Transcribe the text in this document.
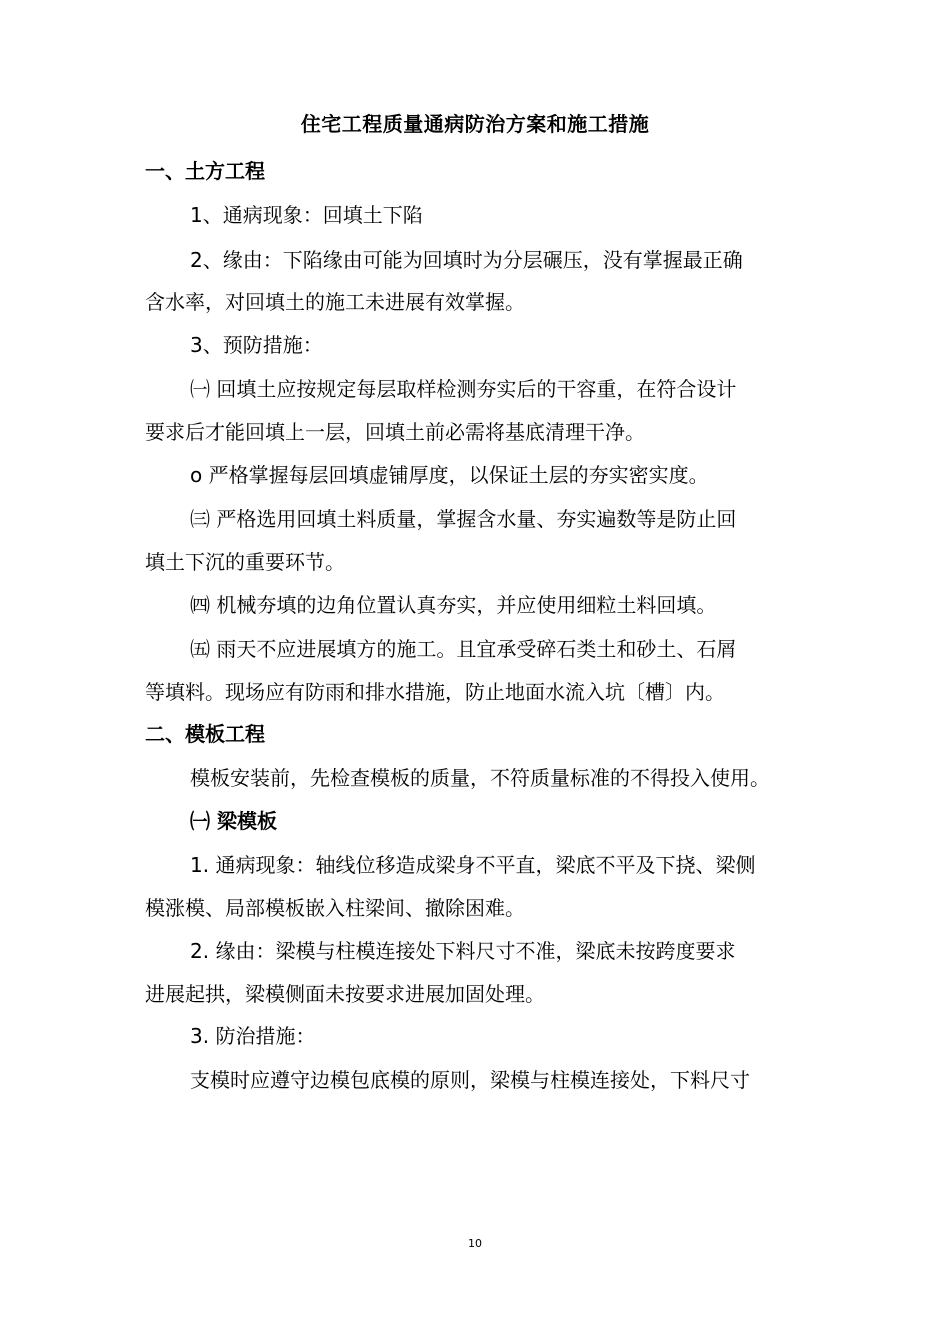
住宅工程质量通病防治方案和施工措施
一、土方工程
1、通病现象：回填土下陷
2、缘由：下陷缘由可能为回填时为分层碾压，没有掌握最正确
含水率，对回填土的施工未进展有效掌握。
3、预防措施：
㈠ 回填土应按规定每层取样检测夯实后的干容重，在符合设计
要求后才能回填上一层，回填土前必需将基底清理干净。
o 严格掌握每层回填虚铺厚度，以保证土层的夯实密实度。
㈢ 严格选用回填土料质量，掌握含水量、夯实遍数等是防止回
填土下沉的重要环节。
㈣ 机械夯填的边角位置认真夯实，并应使用细粒土料回填。
㈤ 雨天不应进展填方的施工。且宜承受碎石类土和砂土、石屑
等填料。现场应有防雨和排水措施，防止地面水流入坑〔槽〕内。
二、模板工程
模板安装前，先检查模板的质量，不符质量标准的不得投入使用。
㈠ 梁模板
1. 通病现象：轴线位移造成梁身不平直，梁底不平及下挠、梁侧
模涨模、局部模板嵌入柱梁间、撤除困难。
2. 缘由：梁模与柱模连接处下料尺寸不准，梁底未按跨度要求
进展起拱，梁模侧面未按要求进展加固处理。
3. 防治措施：
支模时应遵守边模包底模的原则，梁模与柱模连接处，下料尺寸
10
